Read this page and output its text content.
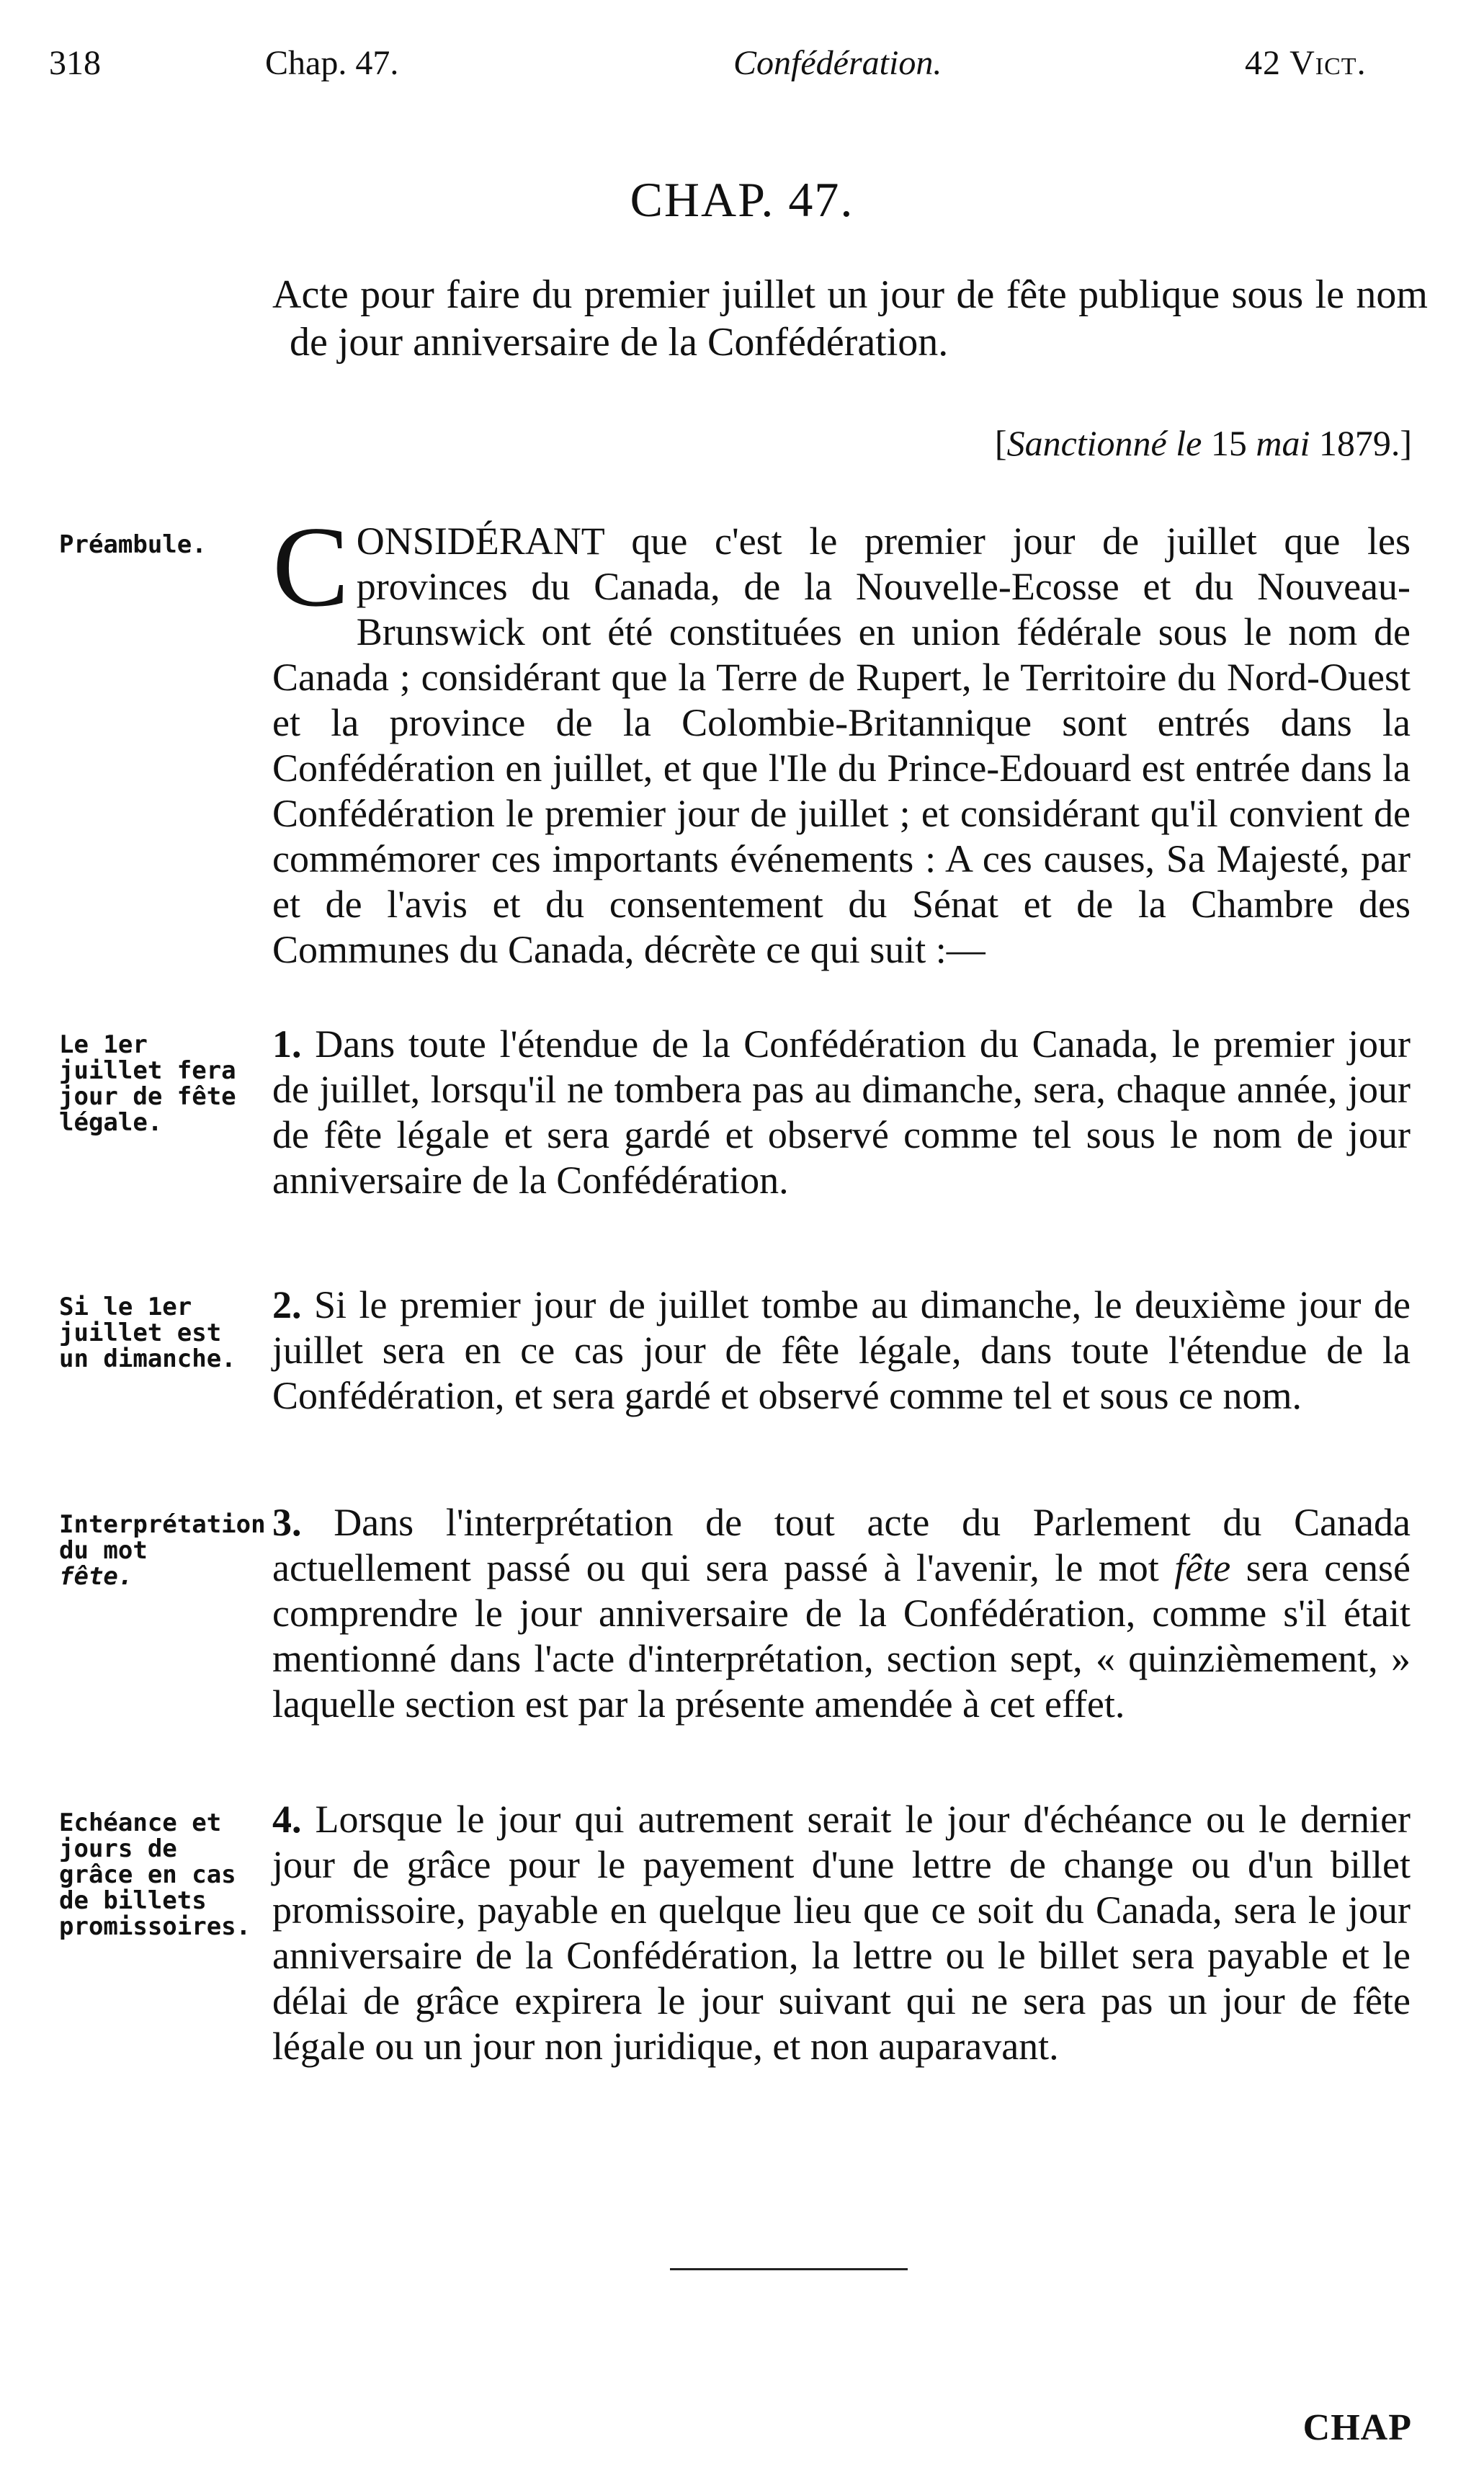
318	Chap. 47.	Confédération.	42 Vict.
CHAP. 47.
Acte pour faire du premier juillet un jour de fête publique sous le nom de jour anniversaire de la Confédération.
[Sanctionné le 15 mai 1879.]
Préambule. CONSIDÉRANT que c'est le premier jour de juillet que les provinces du Canada, de la Nouvelle-Ecosse et du Nouveau-Brunswick ont été constituées en union fédérale sous le nom de Canada ; considérant que la Terre de Rupert, le Territoire du Nord-Ouest et la province de la Colombie-Britannique sont entrés dans la Confédération en juillet, et que l'Ile du Prince-Edouard est entrée dans la Confédération le premier jour de juillet ; et considérant qu'il convient de commémorer ces importants événements : A ces causes, Sa Majesté, par et de l'avis et du consentement du Sénat et de la Chambre des Communes du Canada, décrète ce qui suit :—

Le 1er juillet fera jour de fête légale.

1. Dans toute l'étendue de la Confédération du Canada, le premier jour de juillet, lorsqu'il ne tombera pas au dimanche, sera, chaque année, jour de fête légale et sera gardé et observé comme tel sous le nom de jour anniversaire de la Confédération.

Si le 1er juillet est un dimanche.

2. Si le premier jour de juillet tombe au dimanche, le deuxième jour de juillet sera en ce cas jour de fête légale, dans toute l'étendue de la Confédération, et sera gardé et observé comme tel et sous ce nom.

Interprétation du mot fête.

3. Dans l'interprétation de tout acte du Parlement du Canada actuellement passé ou qui sera passé à l'avenir, le mot fête sera censé comprendre le jour anniversaire de la Confédération, comme s'il était mentionné dans l'acte d'interprétation, section sept, « quinzièmement, » laquelle section est par la présente amendée à cet effet.

Echéance et jours de grâce en cas de billets promissoires.

4. Lorsque le jour qui autrement serait le jour d'échéance ou le dernier jour de grâce pour le payement d'une lettre de change ou d'un billet promissoire, payable en quelque lieu que ce soit du Canada, sera le jour anniversaire de la Confédération, la lettre ou le billet sera payable et le délai de grâce expirera le jour suivant qui ne sera pas un jour de fête légale ou un jour non juridique, et non auparavant.

CHAP
